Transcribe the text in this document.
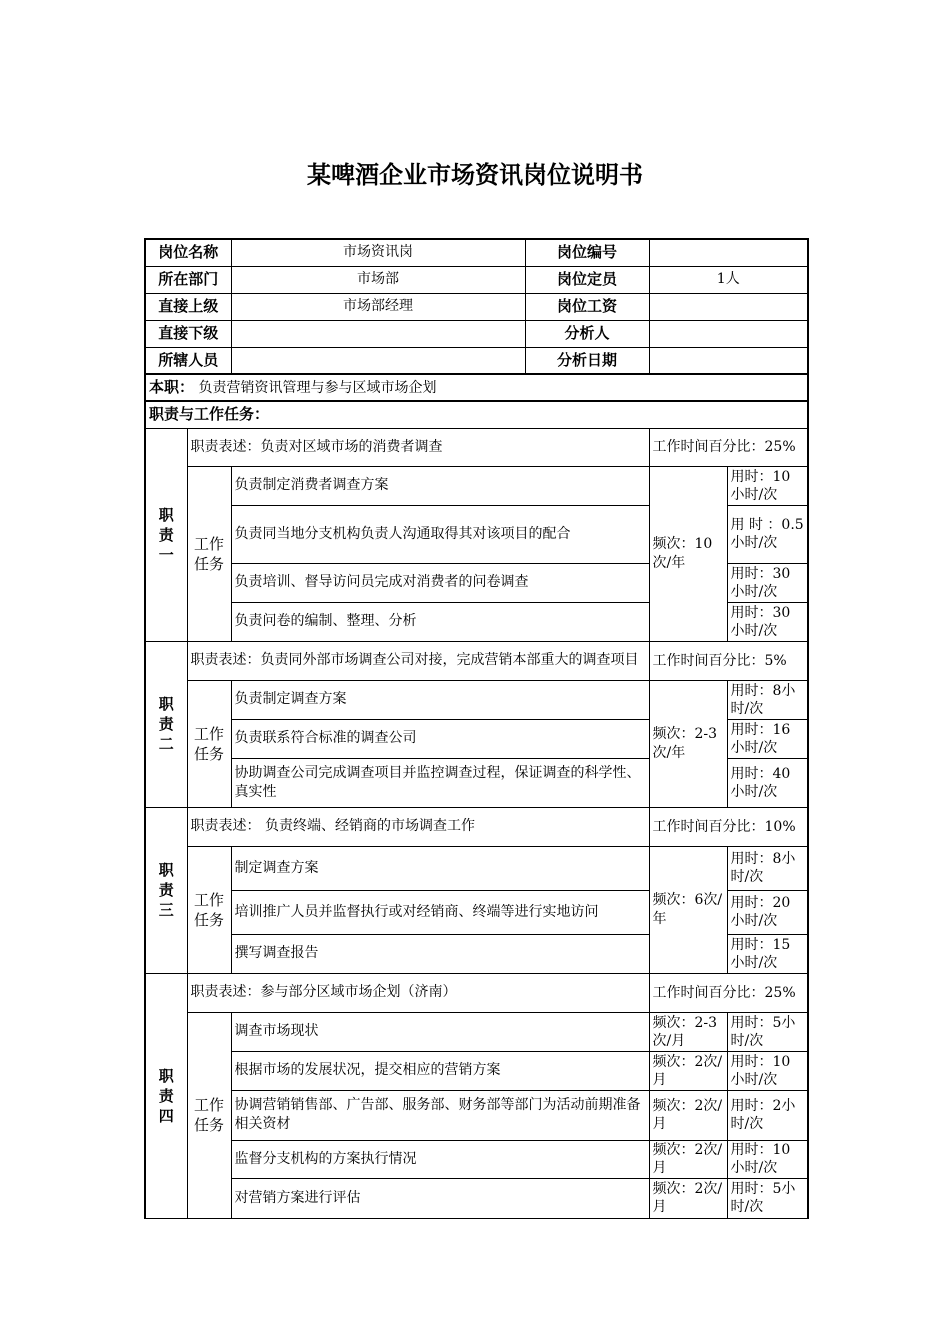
某啤酒企业市场资讯岗位说明书
岗位名称		市场资讯岗	岗位编号		
所在部门		市场部	岗位定员	1人	
直接上级		市场部经理	岗位工资		
直接下级			分析人		
所辖人员			分析日期		
本职： 负责营销资讯管理与参与区域市场企划					
职责与工作任务：					
职
责
一	职责表述：负责对区域市场的消费者调查			工作时间百分比：25%	
	工作
任务	负责制定消费者调查方案		频次：10次/年	用时：10小时/次
		负责同当地分支机构负责人沟通取得其对该项目的配合			用 时 ：0.5小时/次
		负责培训、督导访问员完成对消费者的问卷调查			用时：30小时/次
		负责问卷的编制、整理、分析			用时：30小时/次
职
责
二	职责表述：负责同外部市场调查公司对接，完成营销本部重大的调查项目			工作时间百分比：5%	
	工作
任务	负责制定调查方案		频次：2-3次/年	用时：8小时/次
		负责联系符合标准的调查公司			用时：16小时/次
		协助调查公司完成调查项目并监控调查过程，保证调查的科学性、真实性			用时：40小时/次
职
责
三	职责表述： 负责终端、经销商的市场调查工作			工作时间百分比：10%	
	工作
任务	制定调查方案		频次：6次/年	用时：8小时/次
		培训推广人员并监督执行或对经销商、终端等进行实地访问			用时：20小时/次
		撰写调查报告			用时：15小时/次
职
责
四	职责表述：参与部分区域市场企划（济南）			工作时间百分比：25%	
	工作
任务	调查市场现状		频次：2-3次/月	用时：5小时/次
		根据市场的发展状况，提交相应的营销方案		频次：2次/月	用时：10小时/次
		协调营销销售部、广告部、服务部、财务部等部门为活动前期准备相关资材		频次：2次/月	用时：2小时/次
		监督分支机构的方案执行情况		频次：2次/月	用时：10小时/次
		对营销方案进行评估		频次：2次/月	用时：5小时/次
